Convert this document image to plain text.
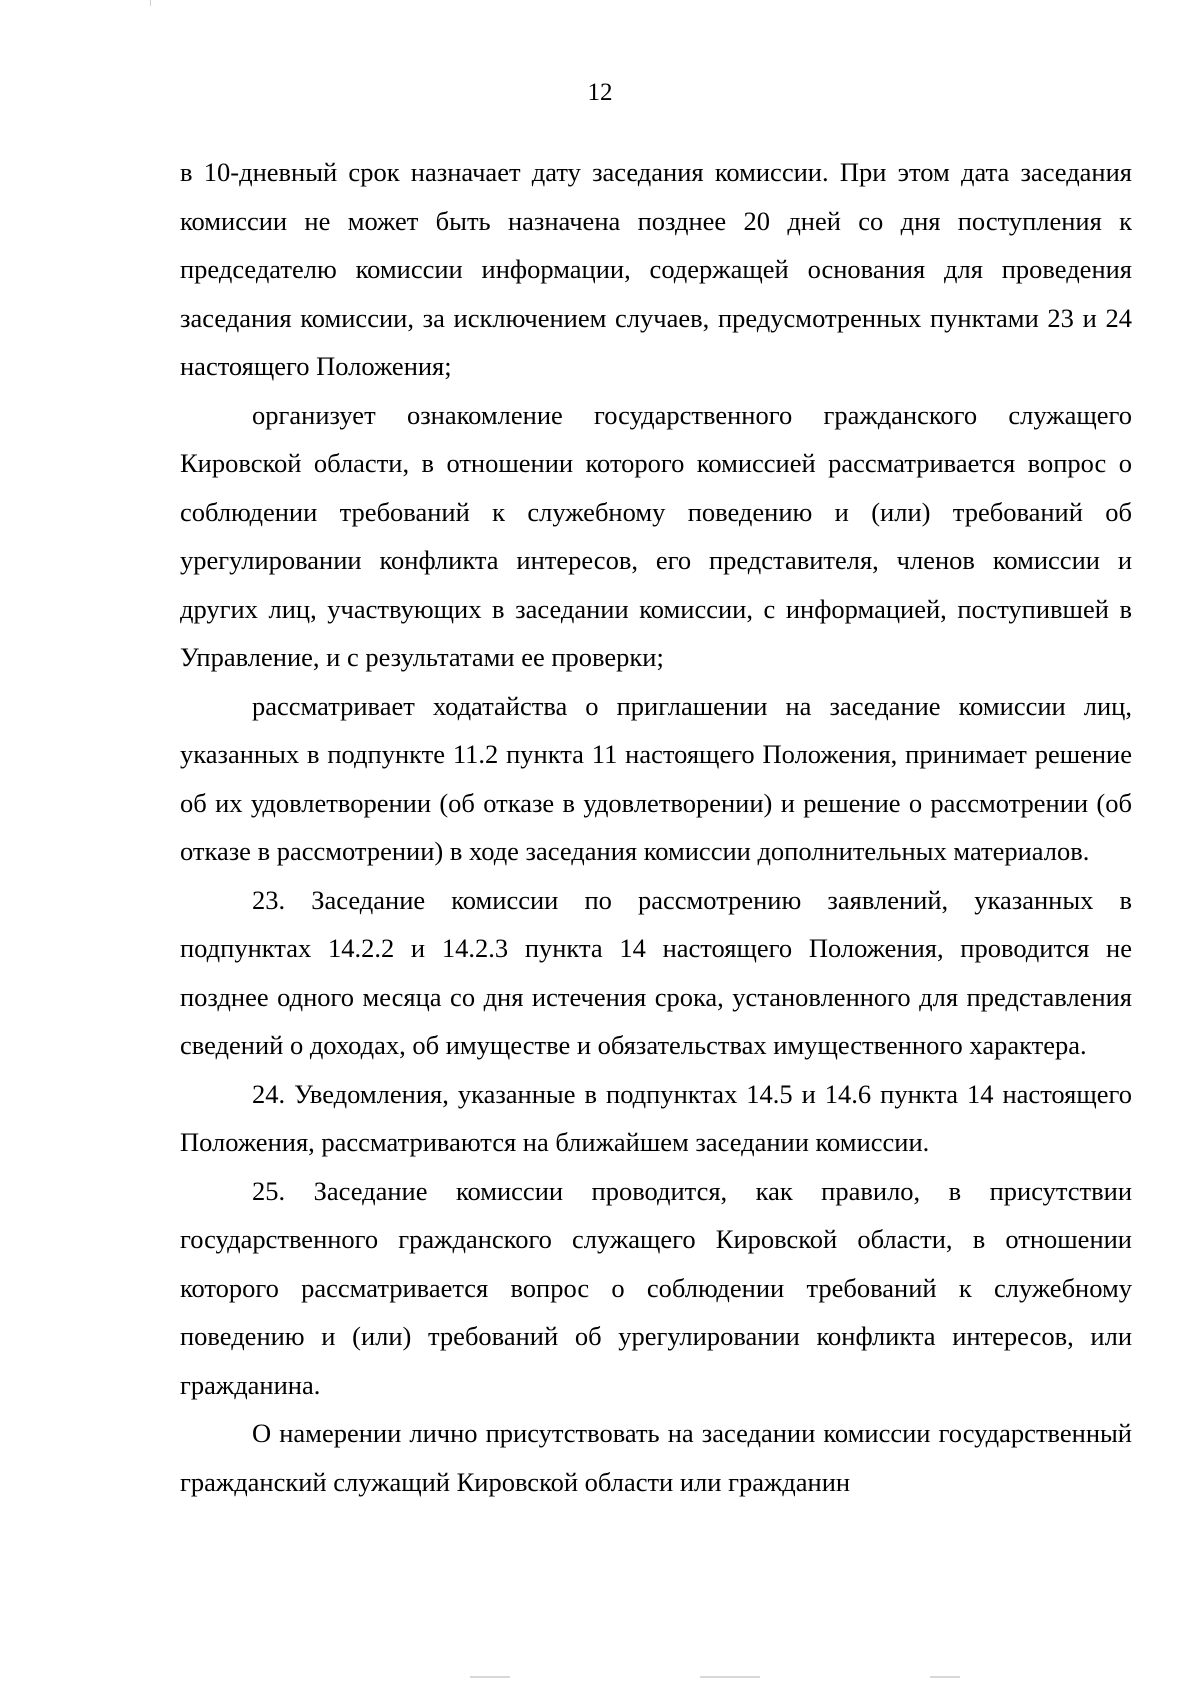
12

в 10-дневный срок назначает дату заседания комиссии. При этом дата заседания комиссии не может быть назначена позднее 20 дней со дня поступления к председателю комиссии информации, содержащей основания для проведения заседания комиссии, за исключением случаев, предусмотренных пунктами 23 и 24 настоящего Положения;

организует ознакомление государственного гражданского служащего Кировской области, в отношении которого комиссией рассматривается вопрос о соблюдении требований к служебному поведению и (или) требований об урегулировании конфликта интересов, его представителя, членов комиссии и других лиц, участвующих в заседании комиссии, с информацией, поступившей в Управление, и с результатами ее проверки;

рассматривает ходатайства о приглашении на заседание комиссии лиц, указанных в подпункте 11.2 пункта 11 настоящего Положения, принимает решение об их удовлетворении (об отказе в удовлетворении) и решение о рассмотрении (об отказе в рассмотрении) в ходе заседания комиссии дополнительных материалов.

23. Заседание комиссии по рассмотрению заявлений, указанных в подпунктах 14.2.2 и 14.2.3 пункта 14 настоящего Положения, проводится не позднее одного месяца со дня истечения срока, установленного для представления сведений о доходах, об имуществе и обязательствах имущественного характера.

24. Уведомления, указанные в подпунктах 14.5 и 14.6 пункта 14 настоящего Положения, рассматриваются на ближайшем заседании комиссии.

25. Заседание комиссии проводится, как правило, в присутствии государственного гражданского служащего Кировской области, в отношении которого рассматривается вопрос о соблюдении требований к служебному поведению и (или) требований об урегулировании конфликта интересов, или гражданина.

О намерении лично присутствовать на заседании комиссии государственный гражданский служащий Кировской области или гражданин
